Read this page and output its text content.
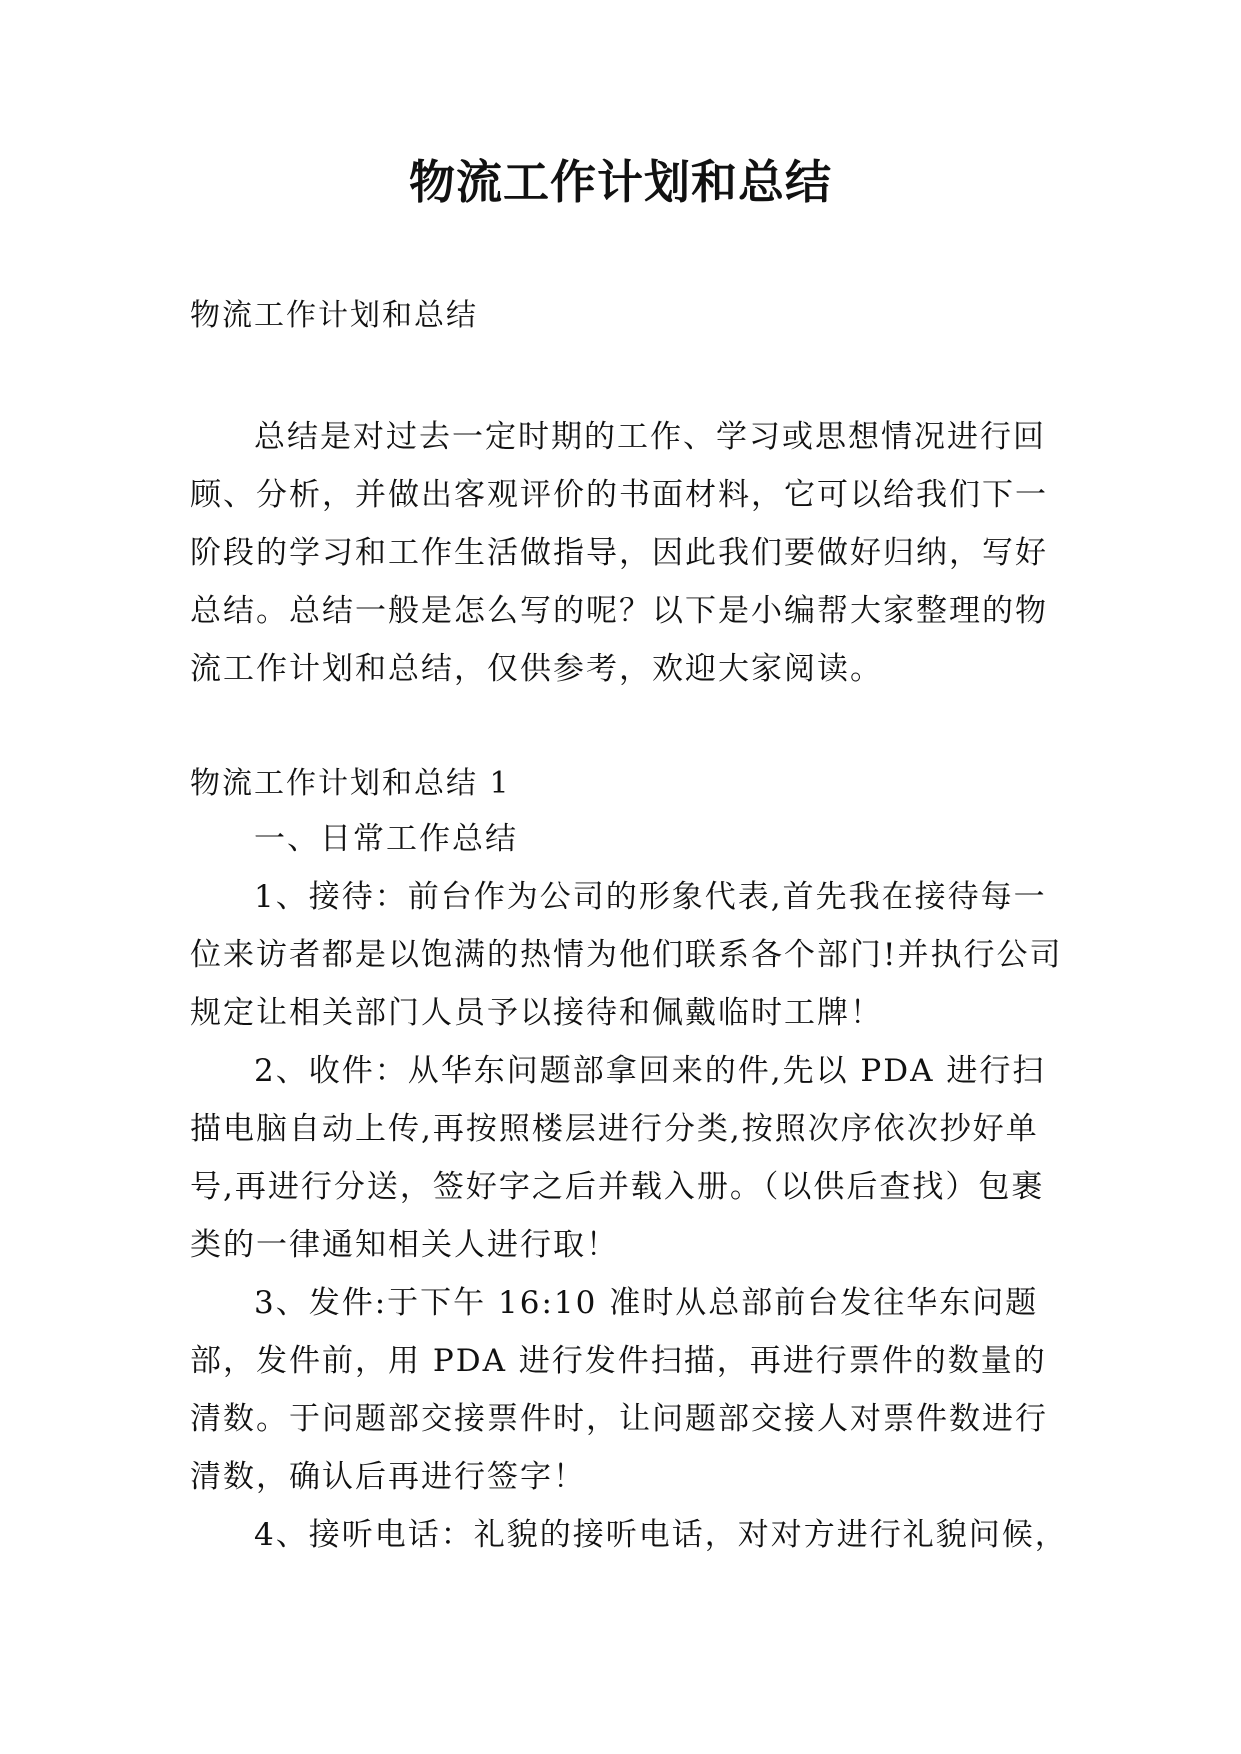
物流工作计划和总结
物流工作计划和总结

总结是对过去一定时期的工作、学习或思想情况进行回顾、分析，并做出客观评价的书面材料，它可以给我们下一阶段的学习和工作生活做指导，因此我们要做好归纳，写好总结。总结一般是怎么写的呢？以下是小编帮大家整理的物流工作计划和总结，仅供参考，欢迎大家阅读。

物流工作计划和总结 1

一、日常工作总结

1、接待：前台作为公司的形象代表,首先我在接待每一位来访者都是以饱满的热情为他们联系各个部门!并执行公司规定让相关部门人员予以接待和佩戴临时工牌！

2、收件：从华东问题部拿回来的件,先以 PDA 进行扫描电脑自动上传,再按照楼层进行分类,按照次序依次抄好单号,再进行分送，签好字之后并载入册。（以供后查找）包裹类的一律通知相关人进行取！

3、发件:于下午 16:10 准时从总部前台发往华东问题部，发件前，用 PDA 进行发件扫描，再进行票件的数量的清数。于问题部交接票件时，让问题部交接人对票件数进行清数，确认后再进行签字！

4、接听电话：礼貌的接听电话，对对方进行礼貌问候，
